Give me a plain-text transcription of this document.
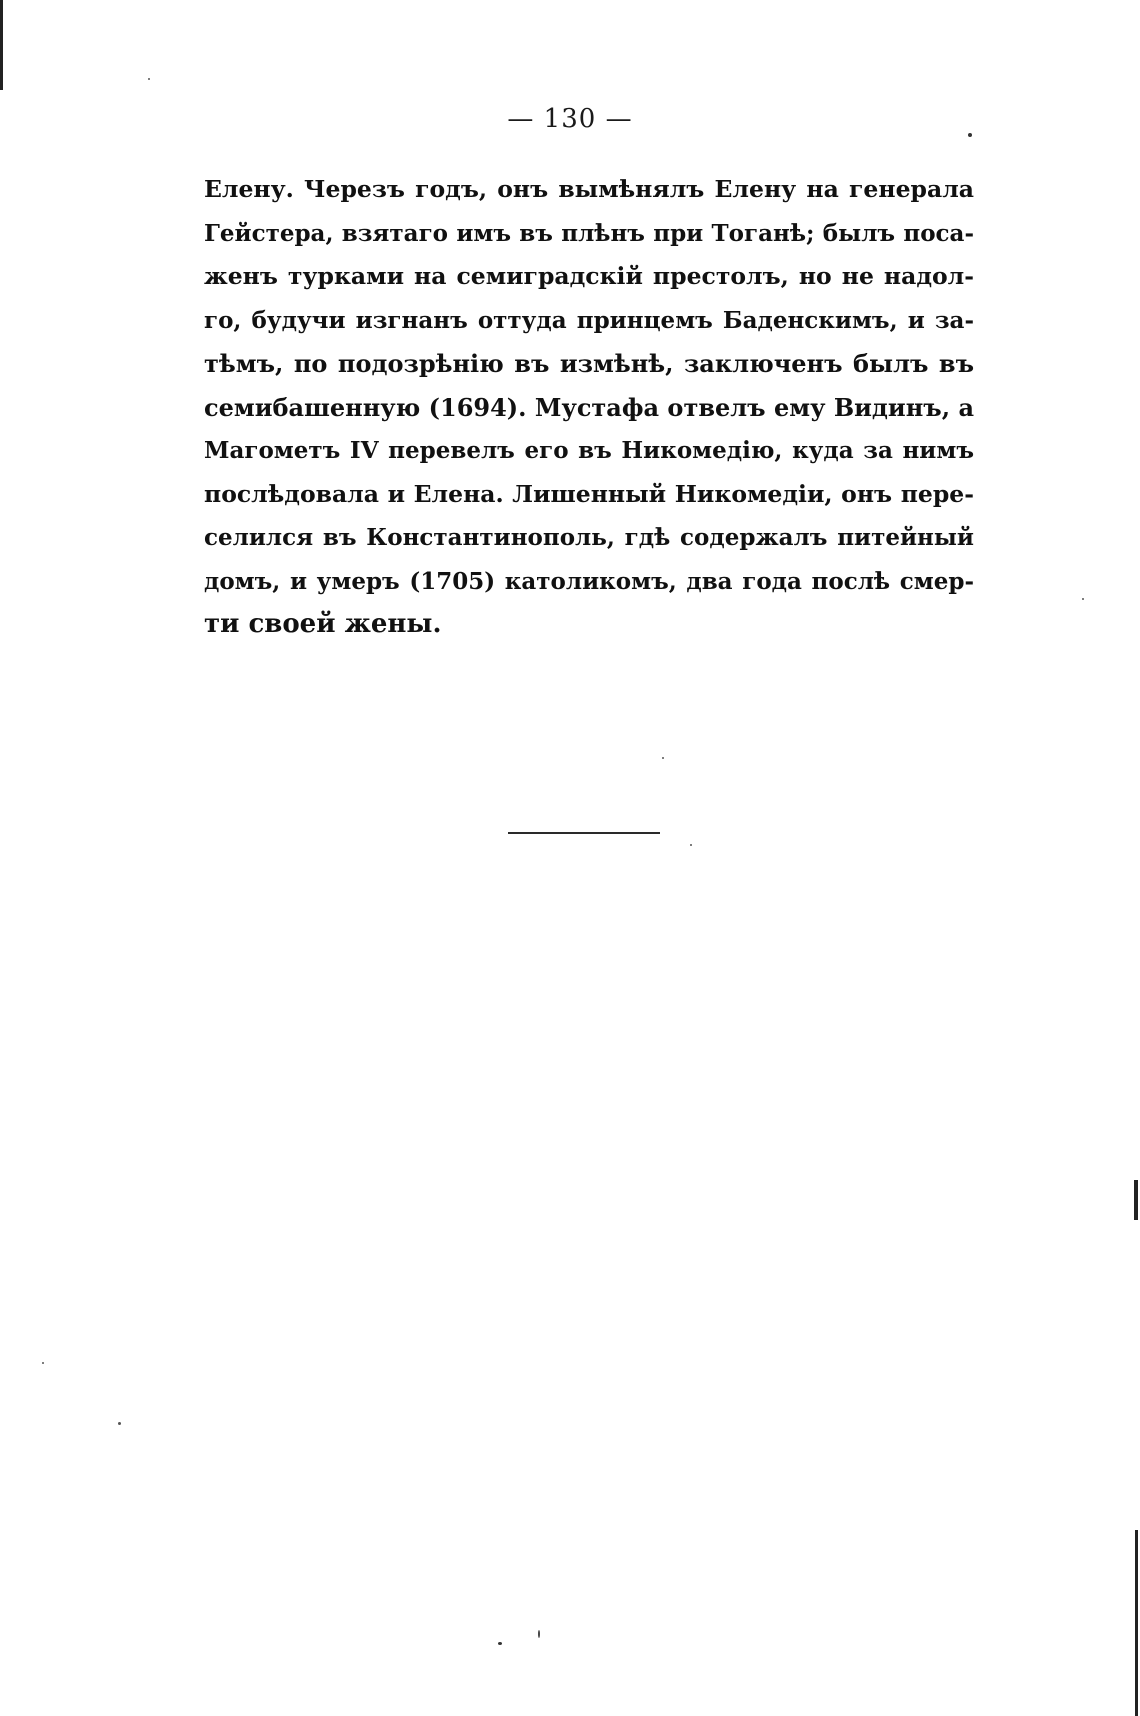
— 130 —
Елену. Черезъ годъ, онъ вымѣнялъ Елену на генерала
Гейстера, взятаго имъ въ плѣнъ при Тоганѣ; былъ поса-
женъ турками на семиградскій престолъ, но не надол-
го, будучи изгнанъ оттуда принцемъ Баденскимъ, и за-
тѣмъ, по подозрѣнію въ измѣнѣ, заключенъ былъ въ
семибашенную (1694). Мустафа отвелъ ему Видинъ, а
Магометъ IV перевелъ его въ Никомедію, куда за нимъ
послѣдовала и Елена. Лишенный Никомедіи, онъ пере-
селился въ Константинополь, гдѣ содержалъ питейный
домъ, и умеръ (1705) католикомъ, два года послѣ смер-
ти своей жены.
